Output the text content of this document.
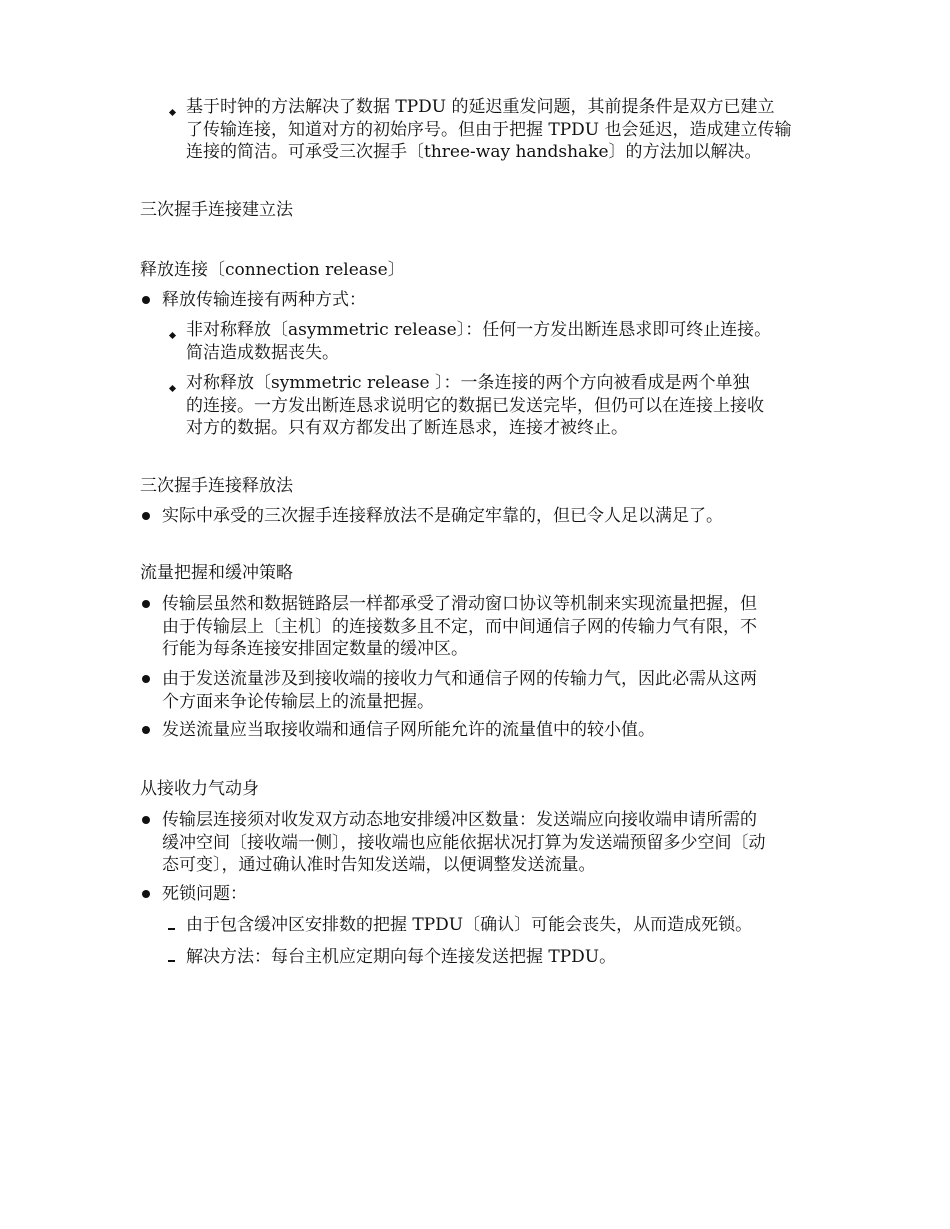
基于时钟的方法解决了数据 TPDU 的延迟重发问题，其前提条件是双方已建立
了传输连接，知道对方的初始序号。但由于把握 TPDU 也会延迟，造成建立传输
连接的简洁。可承受三次握手〔three-way handshake〕的方法加以解决。
三次握手连接建立法
释放连接〔connection release〕
释放传输连接有两种方式：
非对称释放〔asymmetric release〕：任何一方发出断连恳求即可终止连接。
简洁造成数据丧失。
对称释放〔symmetric release 〕：一条连接的两个方向被看成是两个单独
的连接。一方发出断连恳求说明它的数据已发送完毕，但仍可以在连接上接收
对方的数据。只有双方都发出了断连恳求，连接才被终止。
三次握手连接释放法
实际中承受的三次握手连接释放法不是确定牢靠的，但已令人足以满足了。
流量把握和缓冲策略
传输层虽然和数据链路层一样都承受了滑动窗口协议等机制来实现流量把握，但
由于传输层上〔主机〕的连接数多且不定，而中间通信子网的传输力气有限，不
行能为每条连接安排固定数量的缓冲区。
由于发送流量涉及到接收端的接收力气和通信子网的传输力气，因此必需从这两
个方面来争论传输层上的流量把握。
发送流量应当取接收端和通信子网所能允许的流量值中的较小值。
从接收力气动身
传输层连接须对收发双方动态地安排缓冲区数量：发送端应向接收端申请所需的
缓冲空间〔接收端一侧〕，接收端也应能依据状况打算为发送端预留多少空间〔动
态可变〕，通过确认准时告知发送端，以便调整发送流量。
死锁问题：
由于包含缓冲区安排数的把握 TPDU〔确认〕可能会丧失，从而造成死锁。
解决方法：每台主机应定期向每个连接发送把握 TPDU。
